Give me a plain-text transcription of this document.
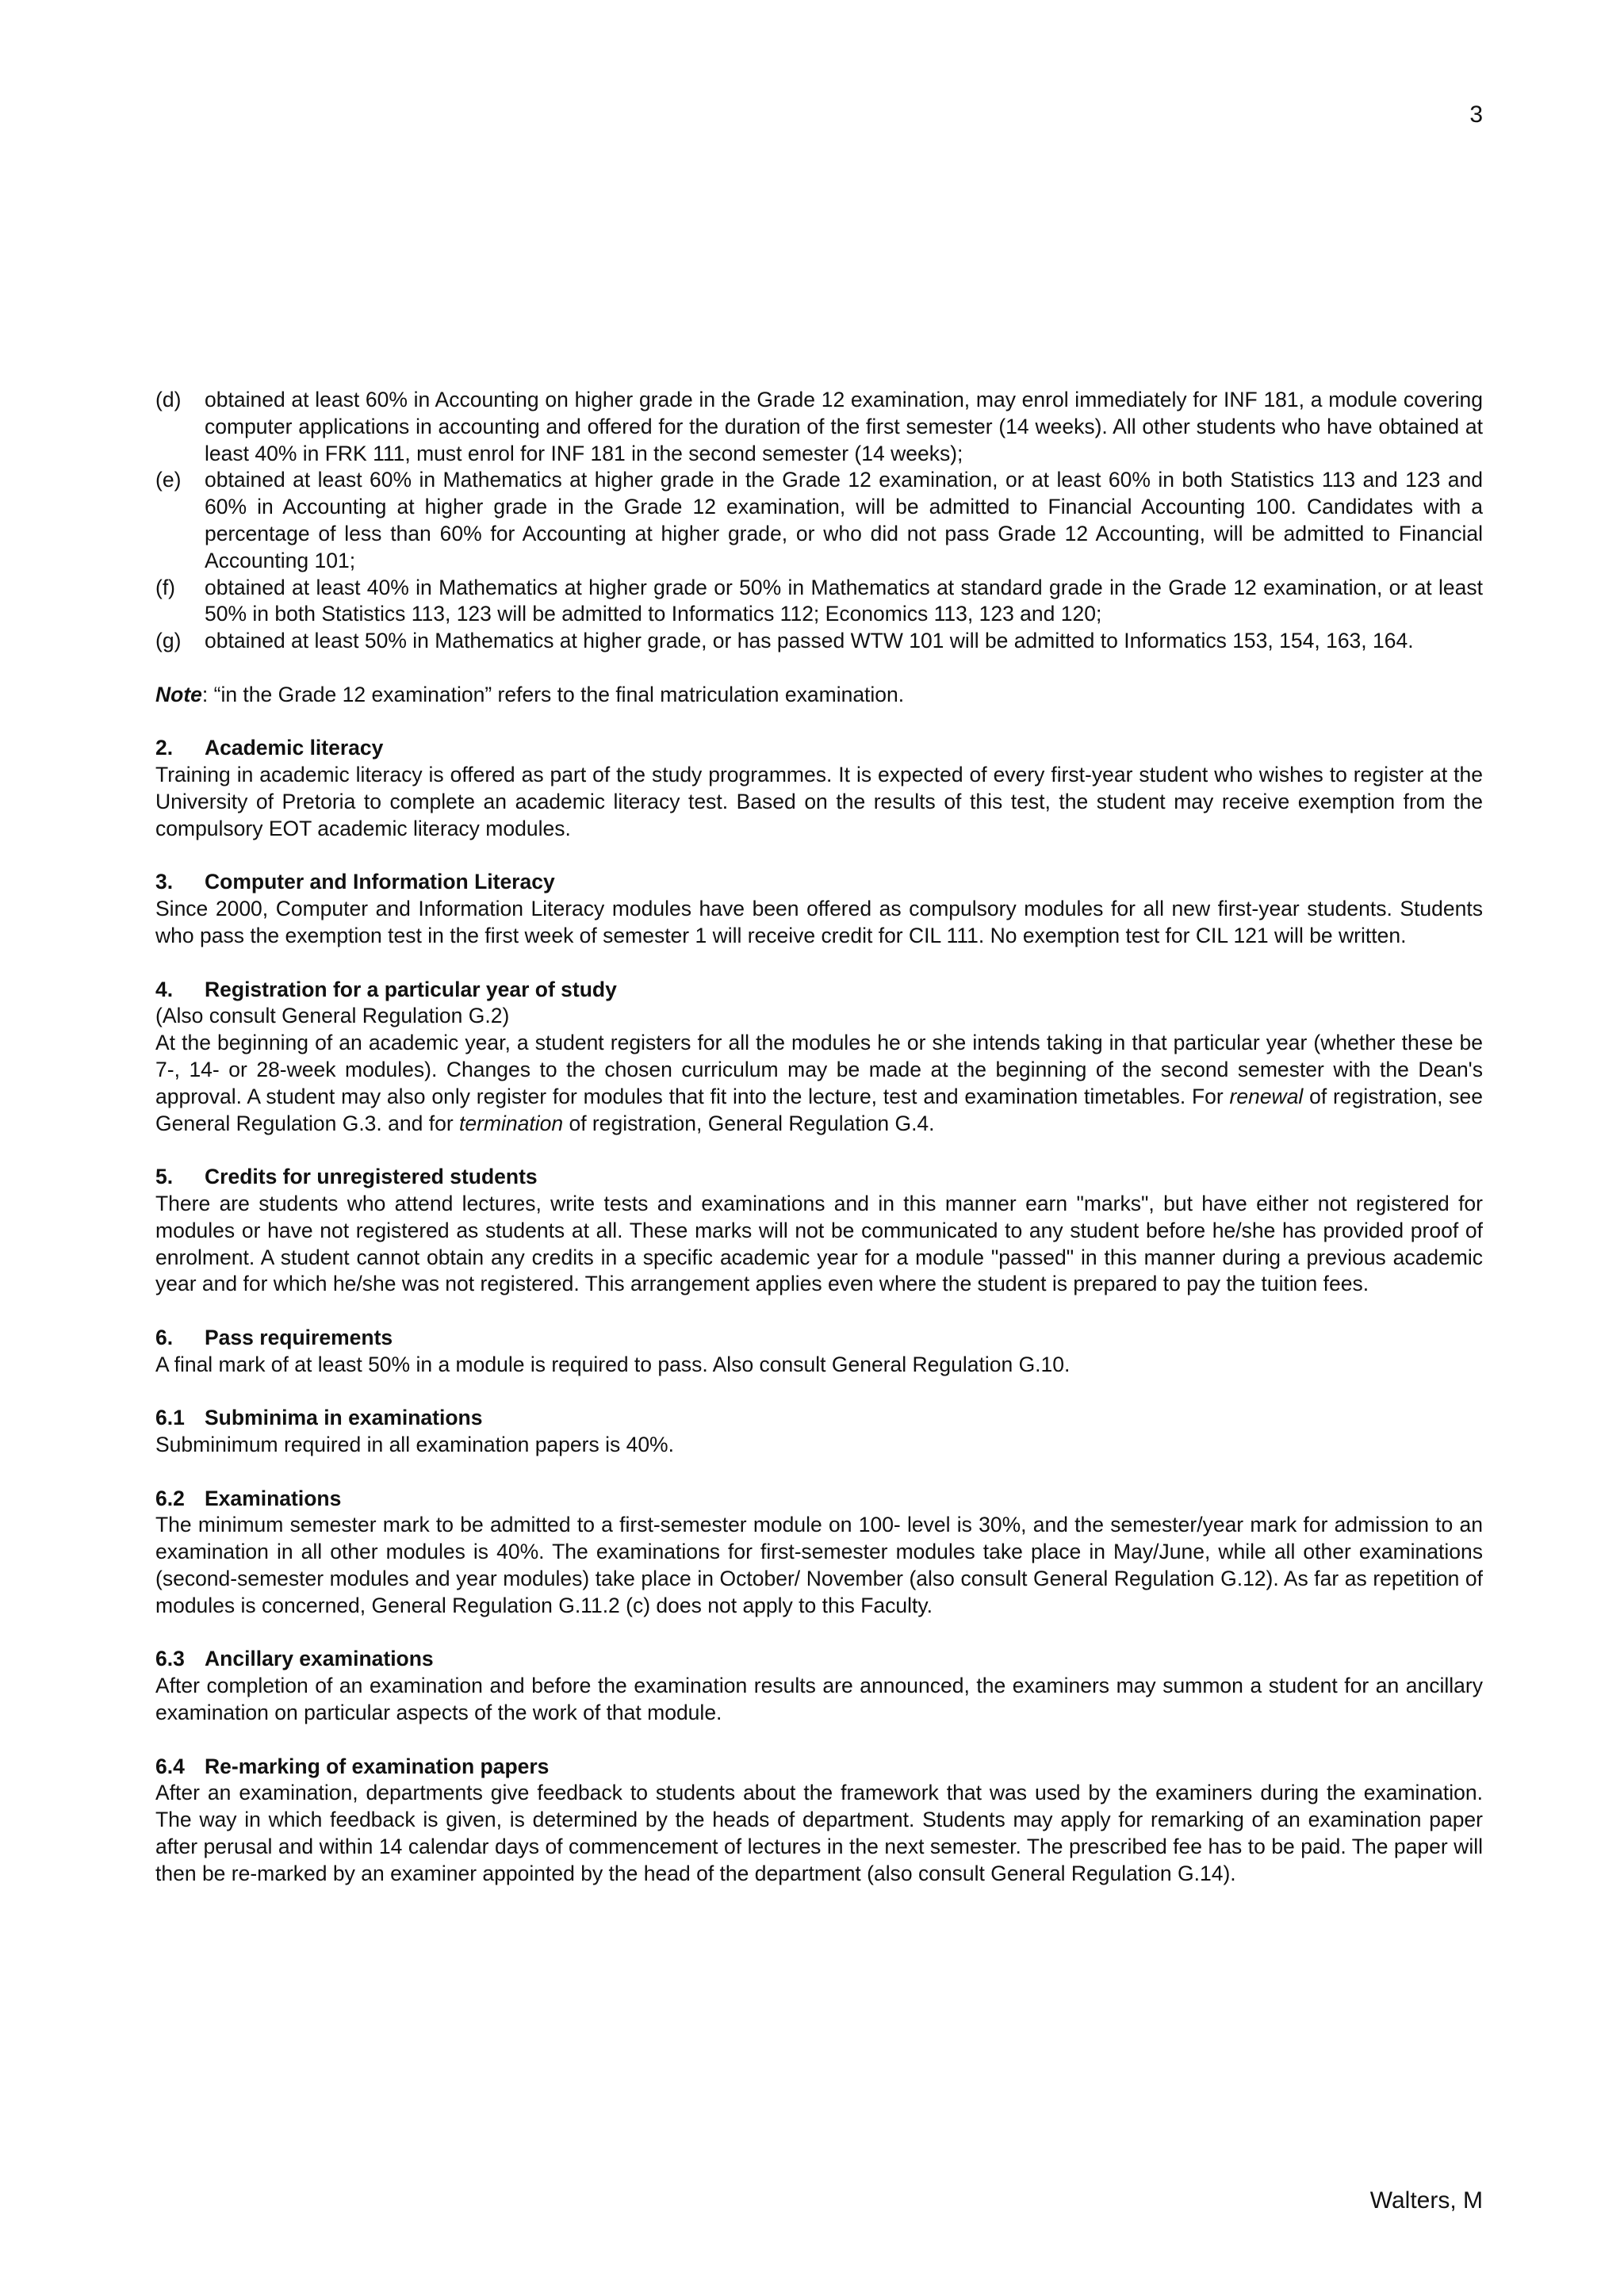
3
(d)	obtained at least 60% in Accounting on higher grade in the Grade 12 examination, may enrol immediately for INF 181, a module covering computer applications in accounting and offered for the duration of the first semester (14 weeks). All other students who have obtained at least 40% in FRK 111, must enrol for INF 181 in the second semester (14 weeks);
(e)	obtained at least 60% in Mathematics at higher grade in the Grade 12 examination, or at least 60% in both Statistics 113 and 123 and 60% in Accounting at higher grade in the Grade 12 examination, will be admitted to Financial Accounting 100. Candidates with a percentage of less than 60% for Accounting at higher grade, or who did not pass Grade 12 Accounting, will be admitted to Financial Accounting 101;
(f)	obtained at least 40% in Mathematics at higher grade or 50% in Mathematics at standard grade in the Grade 12 examination, or at least 50% in both Statistics 113, 123 will be admitted to Informatics 112; Economics 113, 123 and 120;
(g)	obtained at least 50% in Mathematics at higher grade, or has passed WTW 101 will be admitted to Informatics 153, 154, 163, 164.

Note: “in the Grade 12 examination” refers to the final matriculation examination.

2. Academic literacy

Training in academic literacy is offered as part of the study programmes. It is expected of every first-year student who wishes to register at the University of Pretoria to complete an academic literacy test. Based on the results of this test, the student may receive exemption from the compulsory EOT academic literacy modules.

3. Computer and Information Literacy

Since 2000, Computer and Information Literacy modules have been offered as compulsory modules for all new first-year students. Students who pass the exemption test in the first week of semester 1 will receive credit for CIL 111. No exemption test for CIL 121 will be written.

4. Registration for a particular year of study

(Also consult General Regulation G.2)

At the beginning of an academic year, a student registers for all the modules he or she intends taking in that particular year (whether these be 7-, 14- or 28-week modules). Changes to the chosen curriculum may be made at the beginning of the second semester with the Dean's approval. A student may also only register for modules that fit into the lecture, test and examination timetables. For renewal of registration, see General Regulation G.3. and for termination of registration, General Regulation G.4.

5. Credits for unregistered students

There are students who attend lectures, write tests and examinations and in this manner earn "marks", but have either not registered for modules or have not registered as students at all. These marks will not be communicated to any student before he/she has provided proof of enrolment. A student cannot obtain any credits in a specific academic year for a module "passed" in this manner during a previous academic year and for which he/she was not registered. This arrangement applies even where the student is prepared to pay the tuition fees.

6. Pass requirements

A final mark of at least 50% in a module is required to pass. Also consult General Regulation G.10.

6.1 Subminima in examinations

Subminimum required in all examination papers is 40%.

6.2 Examinations

The minimum semester mark to be admitted to a first-semester module on 100- level is 30%, and the semester/year mark for admission to an examination in all other modules is 40%. The examinations for first-semester modules take place in May/June, while all other examinations (second-semester modules and year modules) take place in October/ November (also consult General Regulation G.12). As far as repetition of modules is concerned, General Regulation G.11.2 (c) does not apply to this Faculty.

6.3 Ancillary examinations

After completion of an examination and before the examination results are announced, the examiners may summon a student for an ancillary examination on particular aspects of the work of that module.

6.4 Re-marking of examination papers

After an examination, departments give feedback to students about the framework that was used by the examiners during the examination. The way in which feedback is given, is determined by the heads of department. Students may apply for remarking of an examination paper after perusal and within 14 calendar days of commencement of lectures in the next semester. The prescribed fee has to be paid. The paper will then be re-marked by an examiner appointed by the head of the department (also consult General Regulation G.14).

Walters, M
